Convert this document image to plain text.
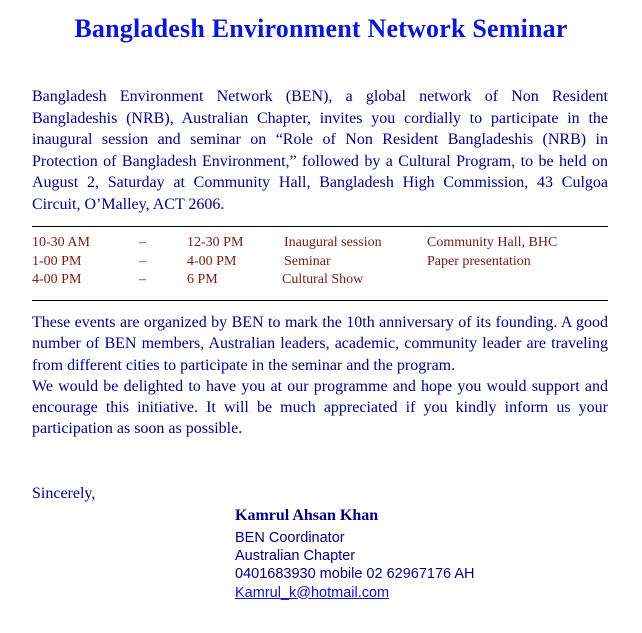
Bangladesh Environment Network Seminar
Bangladesh Environment Network (BEN), a global network of Non Resident Bangladeshis (NRB), Australian Chapter, invites you cordially to participate in the inaugural session and seminar on “Role of Non Resident Bangladeshis (NRB) in Protection of Bangladesh Environment,” followed by a Cultural Program, to be held on August 2, Saturday at Community Hall, Bangladesh High Commission, 43 Culgoa Circuit, O’Malley, ACT 2606.
10-30 AM	–	12-30 PM	Inaugural session	Community Hall, BHC
1-00 PM	–	4-00 PM	Seminar	Paper presentation
4-00 PM	–	6 PM	Cultural Show

These events are organized by BEN to mark the 10th anniversary of its founding. A good number of BEN members, Australian leaders, academic, community leader are traveling from different cities to participate in the seminar and the program.

We would be delighted to have you at our programme and hope you would support and encourage this initiative. It will be much appreciated if you kindly inform us your participation as soon as possible.

Sincerely,
Kamrul Ahsan Khan
BEN Coordinator
Australian Chapter
0401683930 mobile 02 62967176 AH
Kamrul_k@hotmail.com
